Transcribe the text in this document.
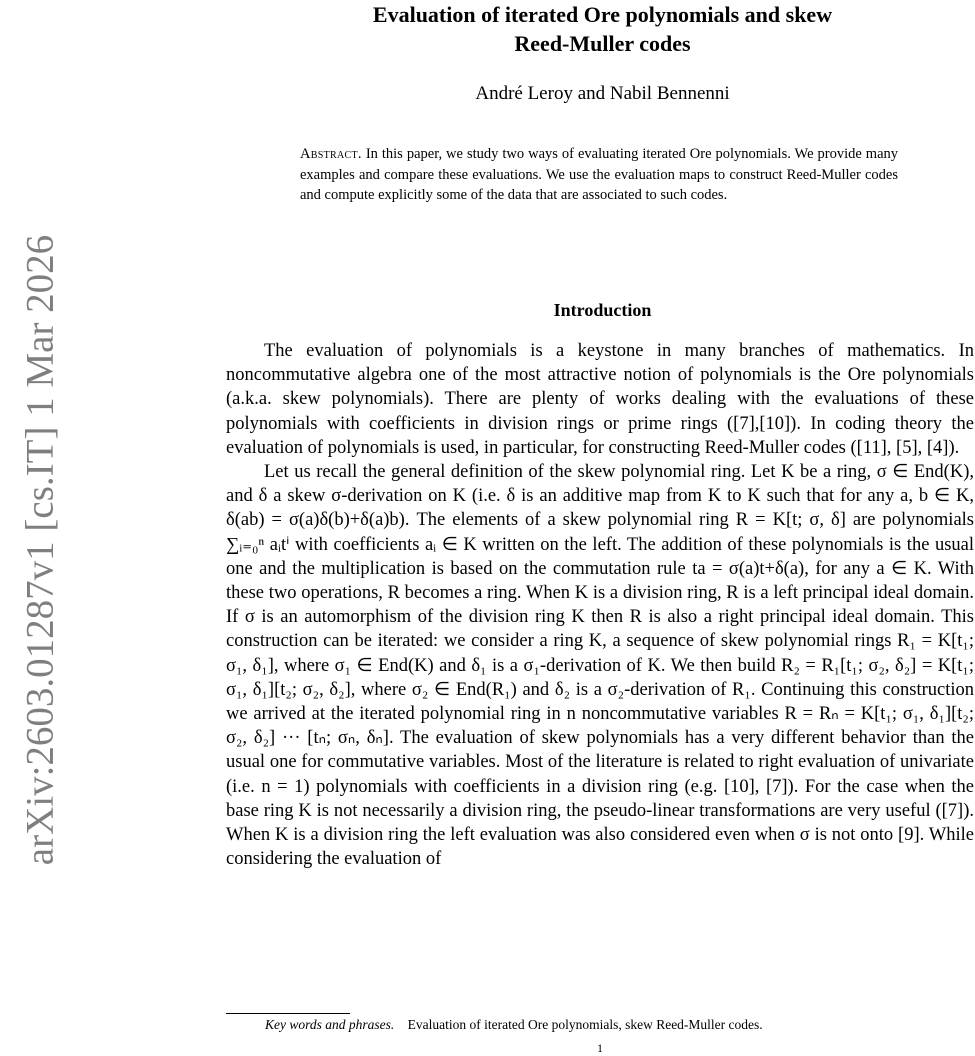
arXiv:2603.01287v1 [cs.IT] 1 Mar 2026
Evaluation of iterated Ore polynomials and skew
Reed-Muller codes
André Leroy and Nabil Bennenni

Abstract. In this paper, we study two ways of evaluating iterated Ore polynomials. We provide many examples and compare these evaluations. We use the evaluation maps to construct Reed-Muller codes and compute explicitly some of the data that are associated to such codes.

Introduction

The evaluation of polynomials is a keystone in many branches of mathematics. In noncommutative algebra one of the most attractive notion of polynomials is the Ore polynomials (a.k.a. skew polynomials). There are plenty of works dealing with the evaluations of these polynomials with coefficients in division rings or prime rings ([7],[10]). In coding theory the evaluation of polynomials is used, in particular, for constructing Reed-Muller codes ([11], [5], [4]).

Let us recall the general definition of the skew polynomial ring. Let K be a ring, σ ∈ End(K), and δ a skew σ-derivation on K (i.e. δ is an additive map from K to K such that for any a, b ∈ K, δ(ab) = σ(a)δ(b)+δ(a)b). The elements of a skew polynomial ring R = K[t; σ, δ] are polynomials ∑ᵢ₌₀ⁿ aᵢtⁱ with coefficients aᵢ ∈ K written on the left. The addition of these polynomials is the usual one and the multiplication is based on the commutation rule ta = σ(a)t+δ(a), for any a ∈ K. With these two operations, R becomes a ring. When K is a division ring, R is a left principal ideal domain. If σ is an automorphism of the division ring K then R is also a right principal ideal domain. This construction can be iterated: we consider a ring K, a sequence of skew polynomial rings R₁ = K[t₁; σ₁, δ₁], where σ₁ ∈ End(K) and δ₁ is a σ₁-derivation of K. We then build R₂ = R₁[t₁; σ₂, δ₂] = K[t₁; σ₁, δ₁][t₂; σ₂, δ₂], where σ₂ ∈ End(R₁) and δ₂ is a σ₂-derivation of R₁. Continuing this construction we arrived at the iterated polynomial ring in n noncommutative variables R = Rₙ = K[t₁; σ₁, δ₁][t₂; σ₂, δ₂] ··· [tₙ; σₙ, δₙ]. The evaluation of skew polynomials has a very different behavior than the usual one for commutative variables. Most of the literature is related to right evaluation of univariate (i.e. n = 1) polynomials with coefficients in a division ring (e.g. [10], [7]). For the case when the base ring K is not necessarily a division ring, the pseudo-linear transformations are very useful ([7]). When K is a division ring the left evaluation was also considered even when σ is not onto [9]. While considering the evaluation of

Key words and phrases. Evaluation of iterated Ore polynomials, skew Reed-Muller codes.
1
